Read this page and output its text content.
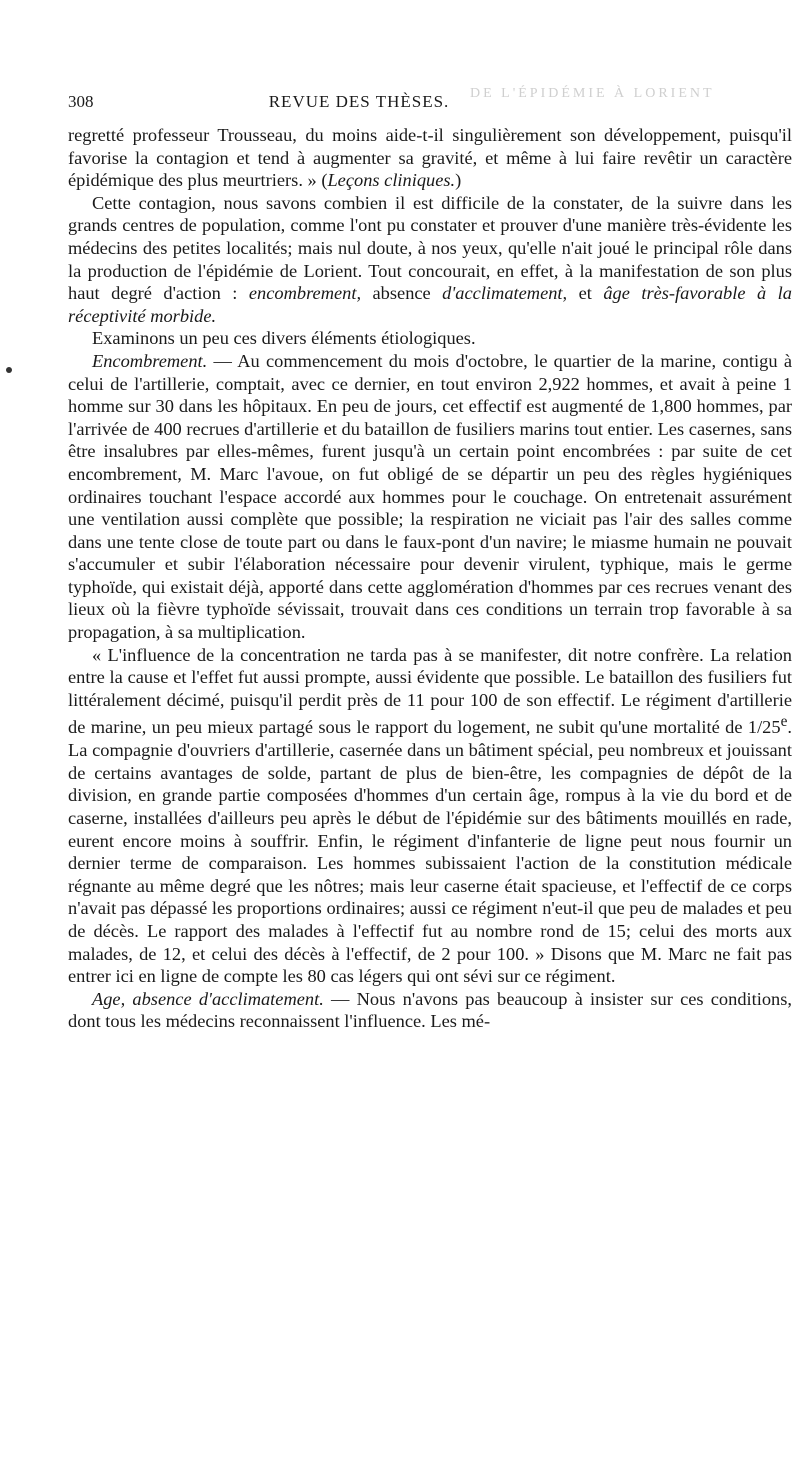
DE L'ÉPIDÉMIE À LORIENT
308	REVUE DES THÈSES.

regretté professeur Trousseau, du moins aide-t-il singulièrement son développement, puisqu'il favorise la contagion et tend à augmenter sa gravité, et même à lui faire revêtir un caractère épidémique des plus meurtriers. » (Leçons cliniques.)

Cette contagion, nous savons combien il est difficile de la constater, de la suivre dans les grands centres de population, comme l'ont pu constater et prouver d'une manière très-évidente les médecins des petites localités; mais nul doute, à nos yeux, qu'elle n'ait joué le principal rôle dans la production de l'épidémie de Lorient. Tout concourait, en effet, à la manifestation de son plus haut degré d'action : encombrement, absence d'acclimatement, et âge très-favorable à la réceptivité morbide.

Examinons un peu ces divers éléments étiologiques.

Encombrement. — Au commencement du mois d'octobre, le quartier de la marine, contigu à celui de l'artillerie, comptait, avec ce dernier, en tout environ 2,922 hommes, et avait à peine 1 homme sur 30 dans les hôpitaux. En peu de jours, cet effectif est augmenté de 1,800 hommes, par l'arrivée de 400 recrues d'artillerie et du bataillon de fusiliers marins tout entier. Les casernes, sans être insalubres par elles-mêmes, furent jusqu'à un certain point encombrées : par suite de cet encombrement, M. Marc l'avoue, on fut obligé de se départir un peu des règles hygiéniques ordinaires touchant l'espace accordé aux hommes pour le couchage. On entretenait assurément une ventilation aussi complète que possible; la respiration ne viciait pas l'air des salles comme dans une tente close de toute part ou dans le faux-pont d'un navire; le miasme humain ne pouvait s'accumuler et subir l'élaboration nécessaire pour devenir virulent, typhique, mais le germe typhoïde, qui existait déjà, apporté dans cette agglomération d'hommes par ces recrues venant des lieux où la fièvre typhoïde sévissait, trouvait dans ces conditions un terrain trop favorable à sa propagation, à sa multiplication.

« L'influence de la concentration ne tarda pas à se manifester, dit notre confrère. La relation entre la cause et l'effet fut aussi prompte, aussi évidente que possible. Le bataillon des fusiliers fut littéralement décimé, puisqu'il perdit près de 11 pour 100 de son effectif. Le régiment d'artillerie de marine, un peu mieux partagé sous le rapport du logement, ne subit qu'une mortalité de 1/25e. La compagnie d'ouvriers d'artillerie, casernée dans un bâtiment spécial, peu nombreux et jouissant de certains avantages de solde, partant de plus de bien-être, les compagnies de dépôt de la division, en grande partie composées d'hommes d'un certain âge, rompus à la vie du bord et de caserne, installées d'ailleurs peu après le début de l'épidémie sur des bâtiments mouillés en rade, eurent encore moins à souffrir. Enfin, le régiment d'infanterie de ligne peut nous fournir un dernier terme de comparaison. Les hommes subissaient l'action de la constitution médicale régnante au même degré que les nôtres; mais leur caserne était spacieuse, et l'effectif de ce corps n'avait pas dépassé les proportions ordinaires; aussi ce régiment n'eut-il que peu de malades et peu de décès. Le rapport des malades à l'effectif fut au nombre rond de 15; celui des morts aux malades, de 12, et celui des décès à l'effectif, de 2 pour 100. » Disons que M. Marc ne fait pas entrer ici en ligne de compte les 80 cas légers qui ont sévi sur ce régiment.

Age, absence d'acclimatement. — Nous n'avons pas beaucoup à insister sur ces conditions, dont tous les médecins reconnaissent l'influence. Les mé-
